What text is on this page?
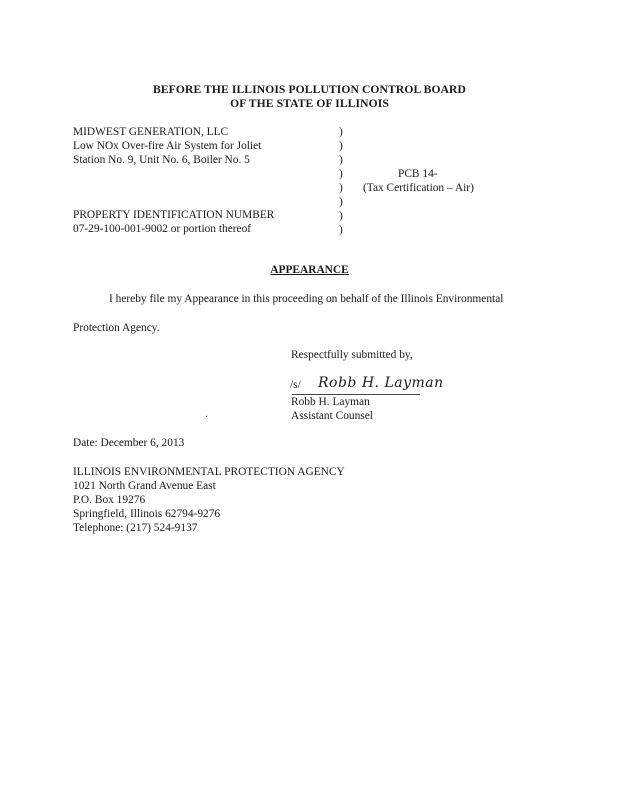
BEFORE THE ILLINOIS POLLUTION CONTROL BOARD
OF THE STATE OF ILLINOIS
MIDWEST GENERATION, LLC
Low NOx Over-fire Air System for Joliet
Station No. 9, Unit No. 6, Boiler No. 5
PROPERTY IDENTIFICATION NUMBER
07-29-100-001-9002 or portion thereof
)
)
)
)
)
)
)
)
PCB 14-
(Tax Certification – Air)
APPEARANCE
I hereby file my Appearance in this proceeding on behalf of the Illinois Environmental
Protection Agency.
Respectfully submitted by,
/s/ Robb H. Layman
Robb H. Layman
Assistant Counsel
.
Date: December 6, 2013
ILLINOIS ENVIRONMENTAL PROTECTION AGENCY
1021 North Grand Avenue East
P.O. Box 19276
Springfield, Illinois 62794-9276
Telephone: (217) 524-9137
